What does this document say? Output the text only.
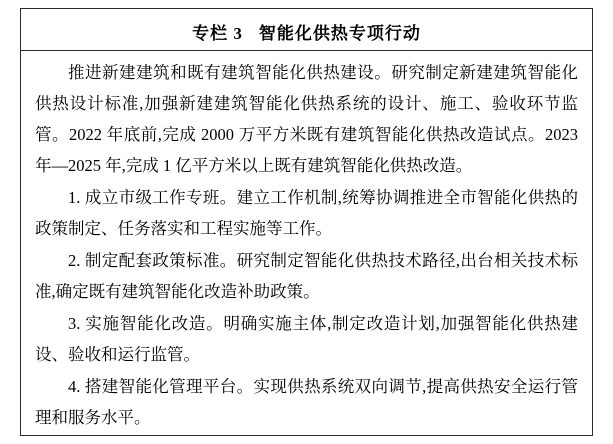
专栏 3 智能化供热专项行动

推进新建建筑和既有建筑智能化供热建设。研究制定新建建筑智能化供热设计标准,加强新建建筑智能化供热系统的设计、施工、验收环节监管。2022 年底前,完成 2000 万平方米既有建筑智能化供热改造试点。2023 年—2025 年,完成 1 亿平方米以上既有建筑智能化供热改造。

1. 成立市级工作专班。建立工作机制,统筹协调推进全市智能化供热的政策制定、任务落实和工程实施等工作。

2. 制定配套政策标准。研究制定智能化供热技术路径,出台相关技术标准,确定既有建筑智能化改造补助政策。

3. 实施智能化改造。明确实施主体,制定改造计划,加强智能化供热建设、验收和运行监管。

4. 搭建智能化管理平台。实现供热系统双向调节,提高供热安全运行管理和服务水平。
